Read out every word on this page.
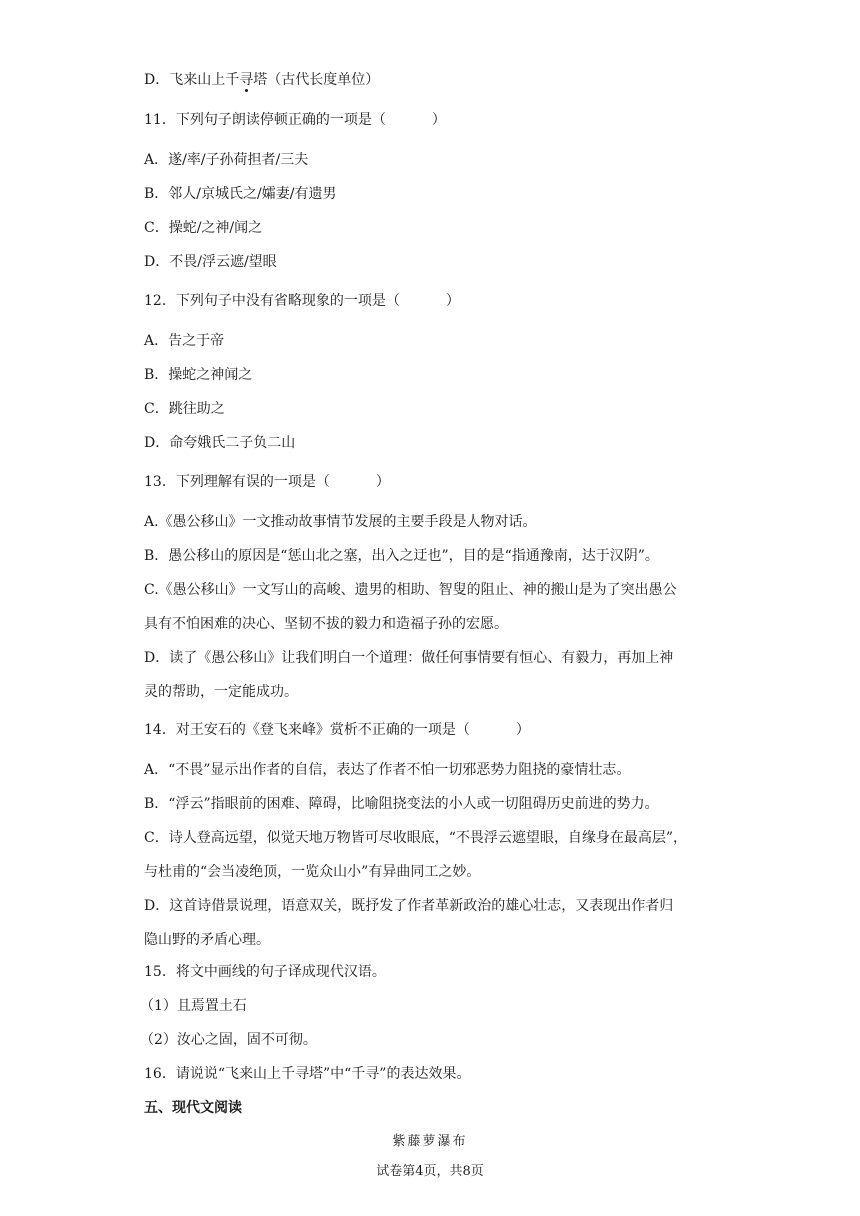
D．飞来山上千寻塔（古代长度单位）
11．下列句子朗读停顿正确的一项是（	）
A．遂/率/子孙荷担者/三夫
B．邻人/京城氏之/孀妻/有遗男
C．操蛇/之神/闻之
D．不畏/浮云遮/望眼
12．下列句子中没有省略现象的一项是（	）
A．告之于帝
B．操蛇之神闻之
C．跳往助之
D．命夸娥氏二子负二山
13．下列理解有误的一项是（	）
A.《愚公移山》一文推动故事情节发展的主要手段是人物对话。
B．愚公移山的原因是“惩山北之塞，出入之迂也”，目的是“指通豫南，达于汉阴”。
C.《愚公移山》一文写山的高峻、遗男的相助、智叟的阻止、神的搬山是为了突出愚公
具有不怕困难的决心、坚韧不拔的毅力和造福子孙的宏愿。
D．读了《愚公移山》让我们明白一个道理：做任何事情要有恒心、有毅力，再加上神
灵的帮助，一定能成功。
14．对王安石的《登飞来峰》赏析不正确的一项是（	）
A．“不畏”显示出作者的自信，表达了作者不怕一切邪恶势力阻挠的豪情壮志。
B．“浮云”指眼前的困难、障碍，比喻阻挠变法的小人或一切阻碍历史前进的势力。
C．诗人登高远望，似觉天地万物皆可尽收眼底，“不畏浮云遮望眼，自缘身在最高层”，
与杜甫的“会当凌绝顶，一览众山小”有异曲同工之妙。
D．这首诗借景说理，语意双关，既抒发了作者革新政治的雄心壮志，又表现出作者归
隐山野的矛盾心理。
15．将文中画线的句子译成现代汉语。
（1）且焉置土石
（2）汝心之固，固不可彻。
16．请说说“飞来山上千寻塔”中“千寻”的表达效果。
五、现代文阅读
紫藤萝瀑布
试卷第4页，共8页
